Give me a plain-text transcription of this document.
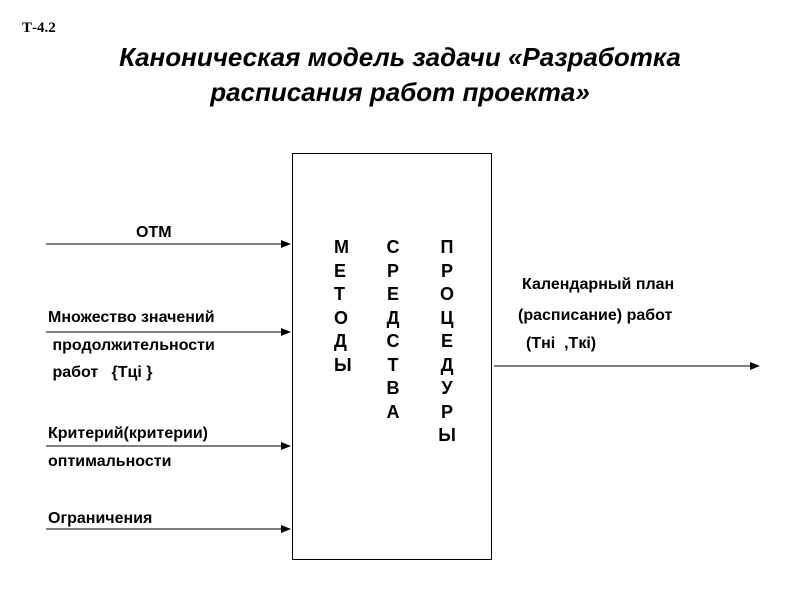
Т-4.2
Каноническая модель задачи «Разработка
расписания работ проекта»
ОТМ
Множество значений
продолжительности
работ   {Tці }
Критерий(критерии)
оптимальности
Ограничения
М
Е
Т
О
Д
Ы
С
Р
Е
Д
С
Т
В
А
П
Р
О
Ц
Е
Д
У
Р
Ы
Календарный план
(расписание) работ
(Tнi  ,Tкi)
